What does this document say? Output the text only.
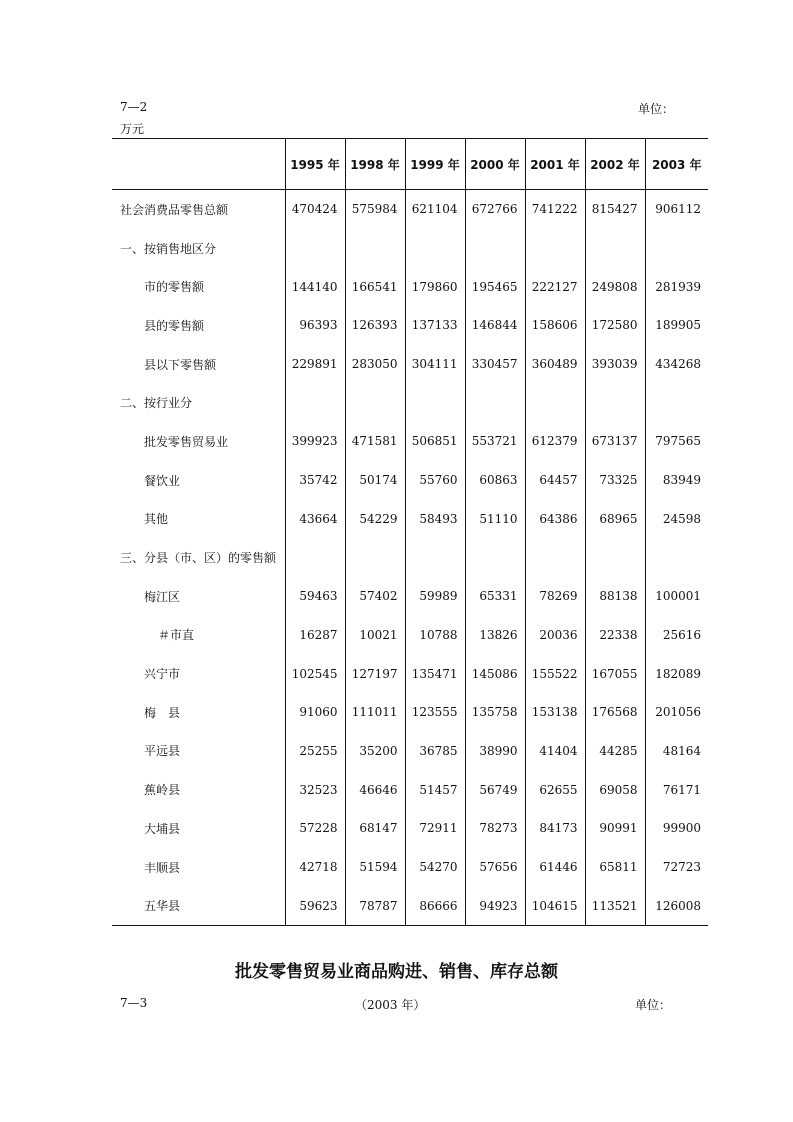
7—2	单位：
万元
	1995 年	1998 年	1999 年	2000 年	2001 年	2002 年	2003 年
社会消费品零售总额	470424	575984	621104	672766	741222	815427	906112
一、按销售地区分							
市的零售额	144140	166541	179860	195465	222127	249808	281939
县的零售额	96393	126393	137133	146844	158606	172580	189905
县以下零售额	229891	283050	304111	330457	360489	393039	434268
二、按行业分							
批发零售贸易业	399923	471581	506851	553721	612379	673137	797565
餐饮业	35742	50174	55760	60863	64457	73325	83949
其他	43664	54229	58493	51110	64386	68965	24598
三、分县（市、区）的零售额							
梅江区	59463	57402	59989	65331	78269	88138	100001
＃市直	16287	10021	10788	13826	20036	22338	25616
兴宁市	102545	127197	135471	145086	155522	167055	182089
梅　县	91060	111011	123555	135758	153138	176568	201056
平远县	25255	35200	36785	38990	41404	44285	48164
蕉岭县	32523	46646	51457	56749	62655	69058	76171
大埔县	57228	68147	72911	78273	84173	90991	99900
丰顺县	42718	51594	54270	57656	61446	65811	72723
五华县	59623	78787	86666	94923	104615	113521	126008
批发零售贸易业商品购进、销售、库存总额
7—3	（2003 年）	单位：
